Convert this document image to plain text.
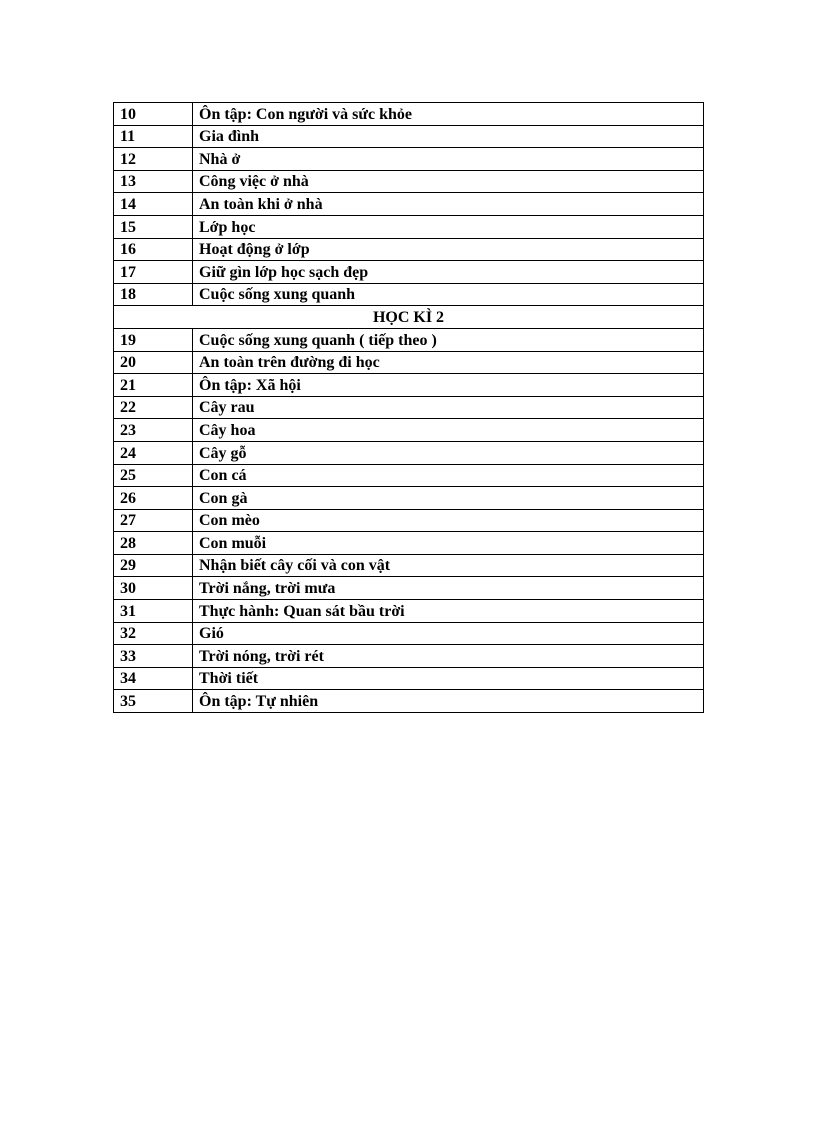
10	Ôn tập: Con người và sức khỏe
11	Gia đình
12	Nhà ở
13	Công việc ở nhà
14	An toàn khi ở nhà
15	Lớp học
16	Hoạt động ở lớp
17	Giữ gìn lớp học sạch đẹp
18	Cuộc sống xung quanh
HỌC KÌ 2	
19	Cuộc sống xung quanh ( tiếp theo )
20	An toàn trên đường đi học
21	Ôn tập: Xã hội
22	Cây rau
23	Cây hoa
24	Cây gỗ
25	Con cá
26	Con gà
27	Con mèo
28	Con muỗi
29	Nhận biết cây cối và con vật
30	Trời nắng, trời mưa
31	Thực hành: Quan sát bầu trời
32	Gió
33	Trời nóng, trời rét
34	Thời tiết
35	Ôn tập: Tự nhiên
